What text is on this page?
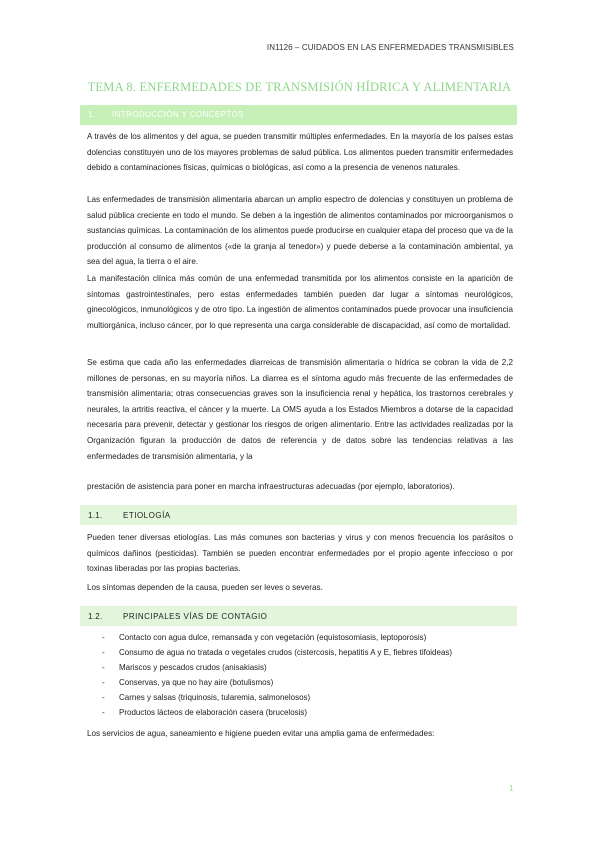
IN1126 – CUIDADOS EN LAS ENFERMEDADES TRANSMISIBLES
TEMA 8. ENFERMEDADES DE TRANSMISIÓN HÍDRICA Y ALIMENTARIA
1. INTRODUCCIÓN Y CONCEPTOS

A través de los alimentos y del agua, se pueden transmitir múltiples enfermedades. En la mayoría de los países estas dolencias constituyen uno de los mayores problemas de salud pública. Los alimentos pueden transmitir enfermedades debido a contaminaciones físicas, químicas o biológicas, así como a la presencia de venenos naturales.

Las enfermedades de transmisión alimentaria abarcan un amplio espectro de dolencias y constituyen un problema de salud pública creciente en todo el mundo. Se deben a la ingestión de alimentos contaminados por microorganismos o sustancias químicas. La contaminación de los alimentos puede producirse en cualquier etapa del proceso que va de la producción al consumo de alimentos («de la granja al tenedor») y puede deberse a la contaminación ambiental, ya sea del agua, la tierra o el aire.

La manifestación clínica más común de una enfermedad transmitida por los alimentos consiste en la aparición de síntomas gastrointestinales, pero estas enfermedades también pueden dar lugar a síntomas neurológicos, ginecológicos, inmunológicos y de otro tipo. La ingestión de alimentos contaminados puede provocar una insuficiencia multiorgánica, incluso cáncer, por lo que representa una carga considerable de discapacidad, así como de mortalidad.

Se estima que cada año las enfermedades diarreicas de transmisión alimentaria o hídrica se cobran la vida de 2,2 millones de personas, en su mayoría niños. La diarrea es el síntoma agudo más frecuente de las enfermedades de transmisión alimentaria; otras consecuencias graves son la insuficiencia renal y hepática, los trastornos cerebrales y neurales, la artritis reactiva, el cáncer y la muerte. La OMS ayuda a los Estados Miembros a dotarse de la capacidad necesaria para prevenir, detectar y gestionar los riesgos de origen alimentario. Entre las actividades realizadas por la Organización figuran la producción de datos de referencia y de datos sobre las tendencias relativas a las enfermedades de transmisión alimentaria, y la

prestación de asistencia para poner en marcha infraestructuras adecuadas (por ejemplo, laboratorios).

1.1.	ETIOLOGÍA

Pueden tener diversas etiologías. Las más comunes son bacterias y virus y con menos frecuencia los parásitos o químicos dañinos (pesticidas). También se pueden encontrar enfermedades por el propio agente infeccioso o por toxinas liberadas por las propias bacterias.

Los síntomas dependen de la causa, pueden ser leves o severas.

1.2.	PRINCIPALES VÍAS DE CONTAGIO
- Contacto con agua dulce, remansada y con vegetación (equistosomiasis, leptoporosis)
- Consumo de agua no tratada o vegetales crudos (cistercosis, hepatitis A y E, fiebres tifoideas)
- Mariscos y pescados crudos (anisakiasis)
- Conservas, ya que no hay aire (botulismos)
- Carnes y salsas (triquinosis, tularemia, salmonelosos)
- Productos lácteos de elaboración casera (brucelosis)

Los servicios de agua, saneamiento e higiene pueden evitar una amplia gama de enfermedades:

1
